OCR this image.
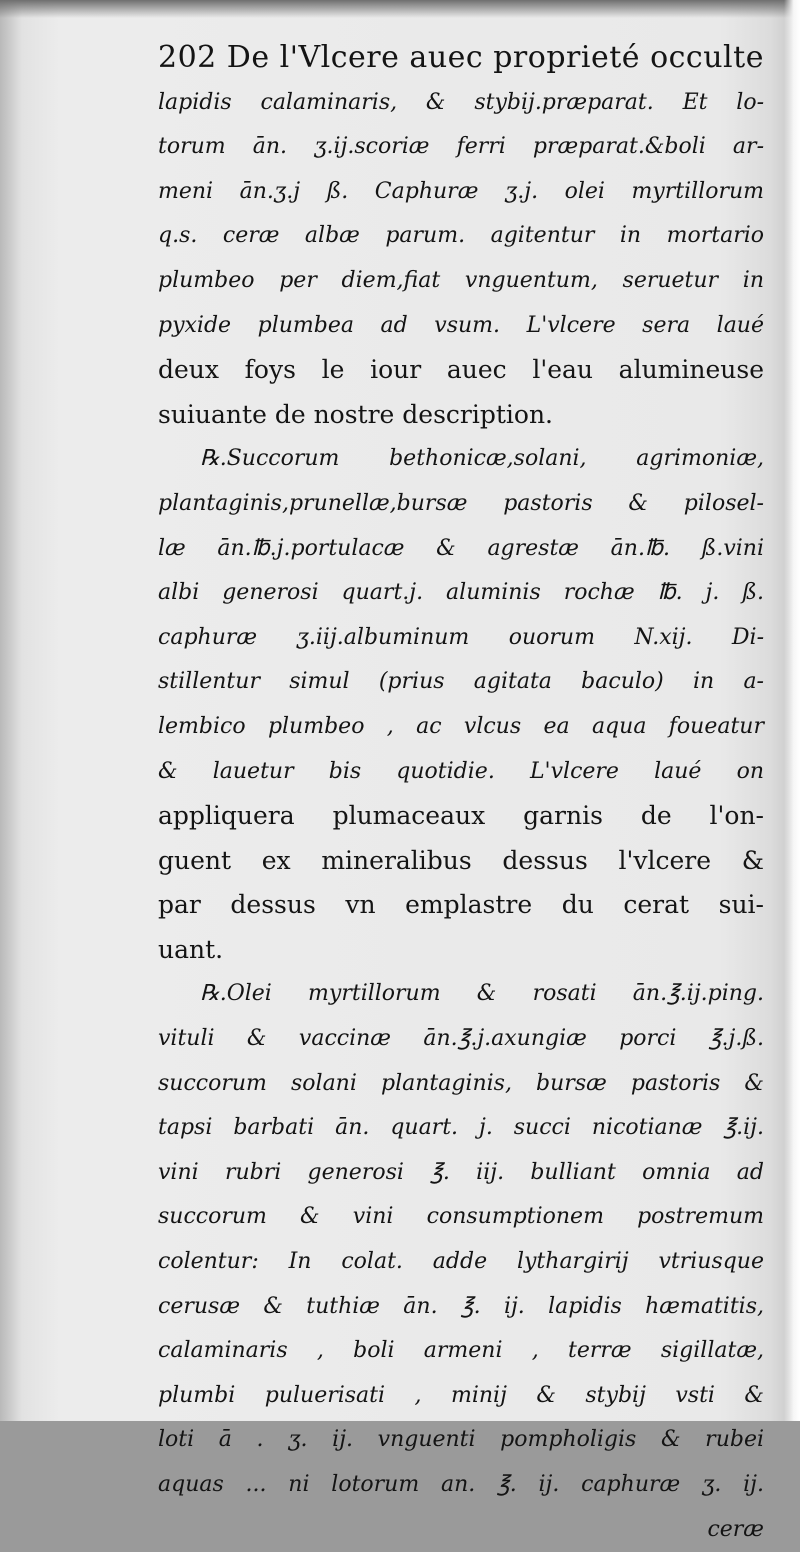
202 De l'Vlcere auec proprieté occulte
lapidis calaminaris, & stybij.præparat. Et lo-
torum ān. ʒ.ij.scoriæ ferri præparat.&boli ar-
meni ān.ʒ.j ß. Caphuræ ʒ.j. olei myrtillorum
q.s. ceræ albæ parum. agitentur in mortario
plumbeo per diem,fiat vnguentum, seruetur in
pyxide plumbea ad vsum. L'vlcere sera laué
deux foys le iour auec l'eau alumineuse
suiuante de nostre description.
℞.Succorum bethonicæ,solani, agrimoniæ,
plantaginis,prunellæ,bursæ pastoris & pilosel-
læ ān.℔.j.portulacæ & agrestæ ān.℔. ß.vini
albi generosi quart.j. aluminis rochæ ℔. j. ß.
caphuræ ʒ.iij.albuminum ouorum N.xij. Di-
stillentur simul (prius agitata baculo) in a-
lembico plumbeo , ac vlcus ea aqua foueatur
& lauetur bis quotidie. L'vlcere laué on
appliquera plumaceaux garnis de l'on-
guent ex mineralibus dessus l'vlcere &
par dessus vn emplastre du cerat sui-
uant.
℞.Olei myrtillorum & rosati ān.℥.ij.ping.
vituli & vaccinæ ān.℥.j.axungiæ porci ℥.j.ß.
succorum solani plantaginis, bursæ pastoris &
tapsi barbati ān. quart. j. succi nicotianæ ℥.ij.
vini rubri generosi ℥. iij. bulliant omnia ad
succorum & vini consumptionem postremum
colentur: In colat. adde lythargirij vtriusque
cerusæ & tuthiæ ān. ℥. ij. lapidis hæmatitis,
calaminaris , boli armeni , terræ sigillatæ,
plumbi puluerisati , minij & stybij vsti &
loti ā . ʒ. ij. vnguenti pompholigis & rubei
aquas ... ni lotorum an. ℥. ij. caphuræ ʒ. ij.
ceræ
